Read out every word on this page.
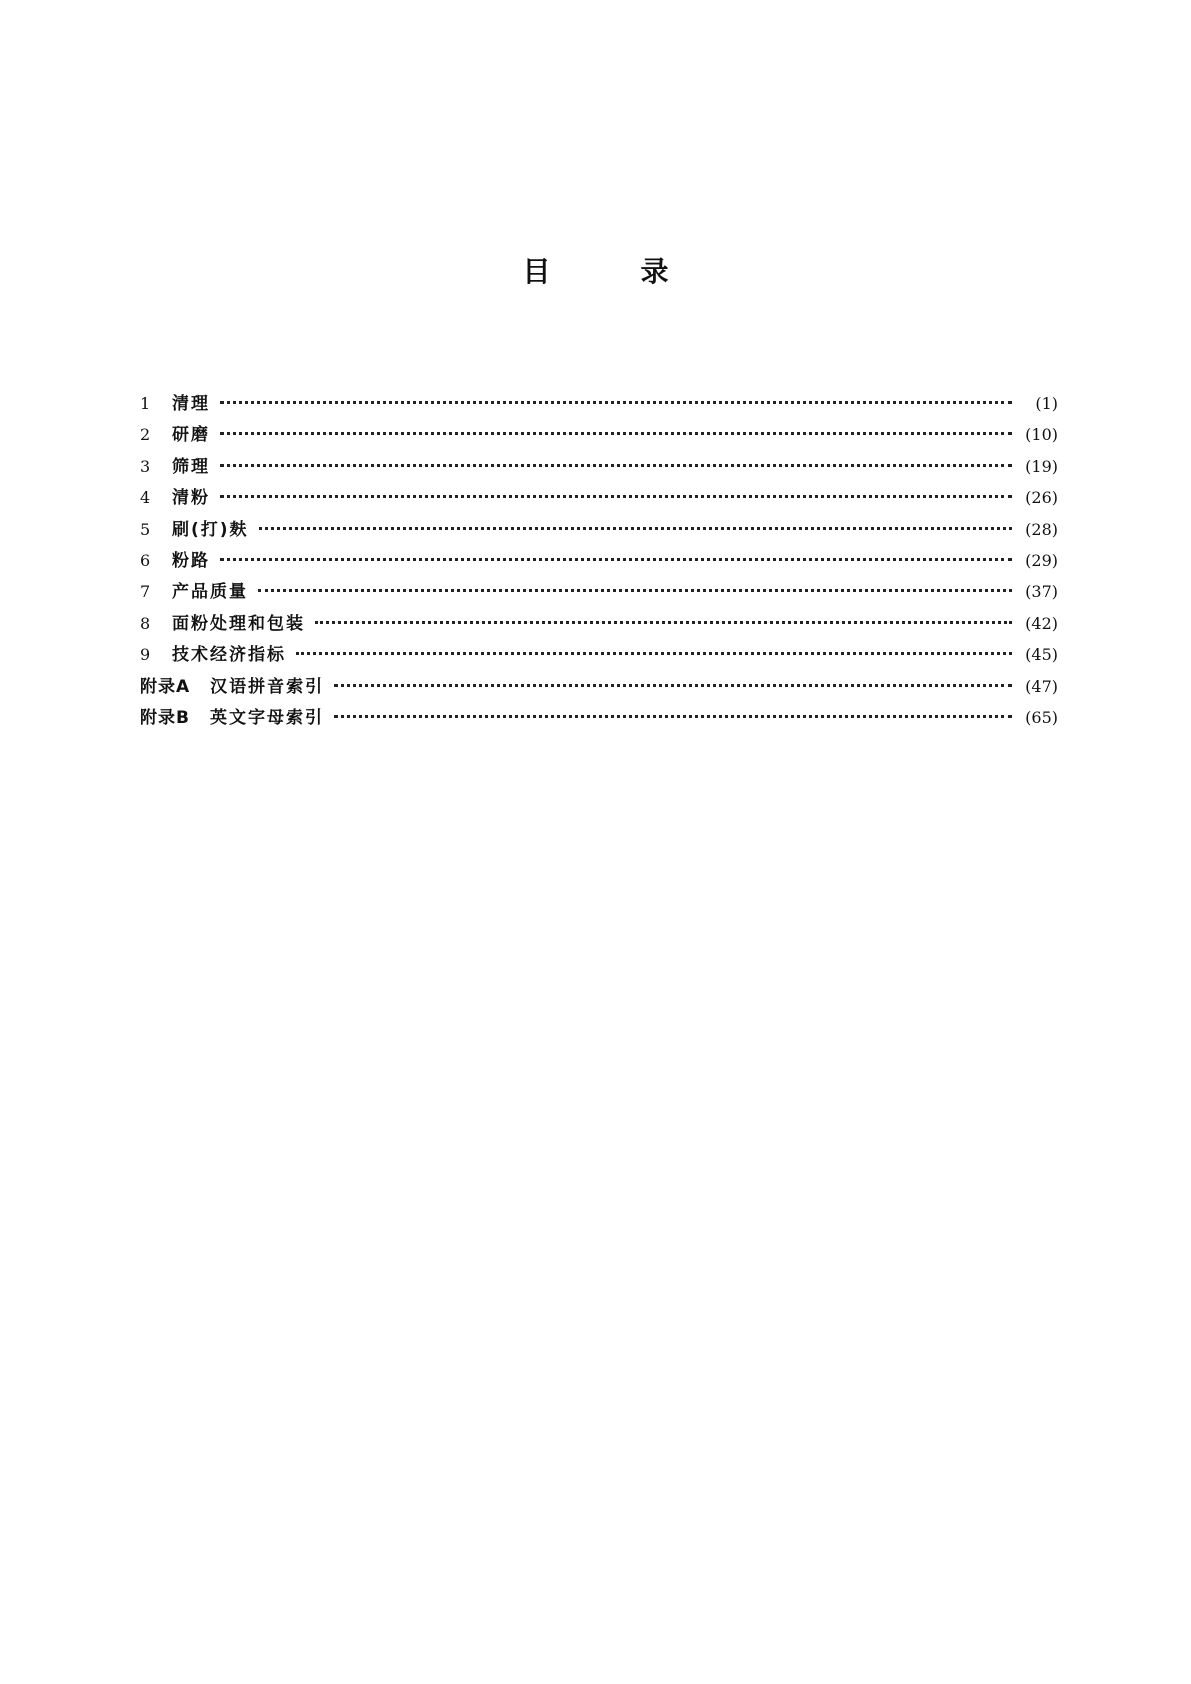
目	录
1	清理	(1)
2	研磨	(10)
3	筛理	(19)
4	清粉	(26)
5	刷(打)麸	(28)
6	粉路	(29)
7	产品质量	(37)
8	面粉处理和包装	(42)
9	技术经济指标	(45)
附录A 汉语拼音索引	(47)
附录B 英文字母索引	(65)
